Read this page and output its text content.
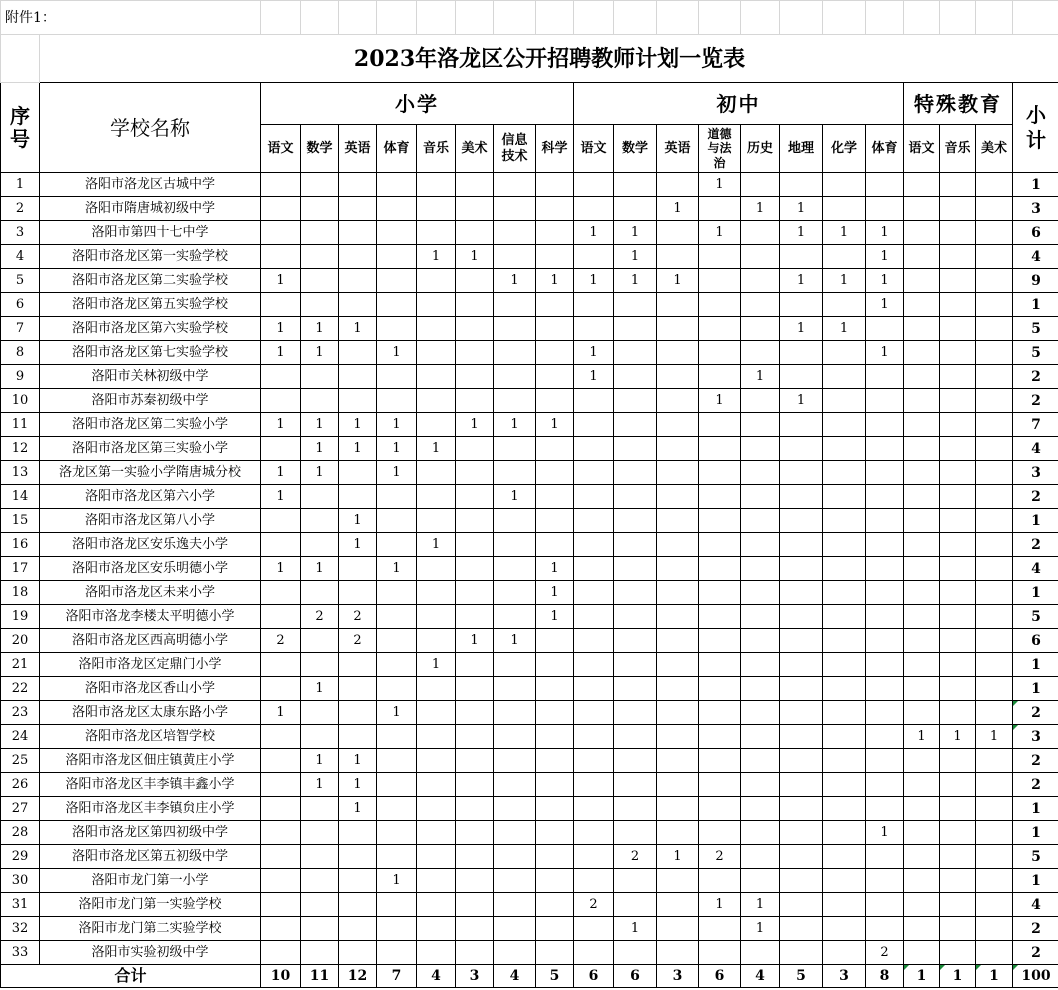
附件1：																					
	2023年洛龙区公开招聘教师计划一览表																				

序号	学校名称	小学								初中								特殊教育			小计

		语文	数学	英语	体育	音乐	美术	信息技术	科学	语文	数学	英语	道德与法治	历史	地理	化学	体育	语文	音乐	美术	
1	洛阳市洛龙区古城中学												1								1
2	洛阳市隋唐城初级中学											1		1	1						3
3	洛阳市第四十七中学									1	1		1		1	1	1				6
4	洛阳市洛龙区第一实验学校					1	1				1						1				4
5	洛阳市洛龙区第二实验学校	1						1	1	1	1	1			1	1	1				9
6	洛阳市洛龙区第五实验学校																1				1
7	洛阳市洛龙区第六实验学校	1	1	1											1	1					5
8	洛阳市洛龙区第七实验学校	1	1		1					1							1				5
9	洛阳市关林初级中学									1				1							2
10	洛阳市苏秦初级中学												1		1						2
11	洛阳市洛龙区第二实验小学	1	1	1	1		1	1	1												7
12	洛阳市洛龙区第三实验小学		1	1	1	1															4
13	洛龙区第一实验小学隋唐城分校	1	1		1																3
14	洛阳市洛龙区第六小学	1						1													2
15	洛阳市洛龙区第八小学			1																	1
16	洛阳市洛龙区安乐逸夫小学			1		1															2
17	洛阳市洛龙区安乐明德小学	1	1		1				1												4
18	洛阳市洛龙区未来小学								1												1
19	洛阳市洛龙李楼太平明德小学		2	2					1												5
20	洛阳市洛龙区西高明德小学	2		2			1	1													6
21	洛阳市洛龙区定鼎门小学					1															1
22	洛阳市洛龙区香山小学		1																		1
23	洛阳市洛龙区太康东路小学	1			1																2
24	洛阳市洛龙区培智学校																	1	1	1	3
25	洛阳市洛龙区佃庄镇黄庄小学		1	1																	2
26	洛阳市洛龙区丰李镇丰鑫小学		1	1																	2
27	洛阳市洛龙区丰李镇贠庄小学			1																	1
28	洛阳市洛龙区第四初级中学																1				1
29	洛阳市洛龙区第五初级中学										2	1	2								5
30	洛阳市龙门第一小学				1																1
31	洛阳市龙门第一实验学校									2			1	1							4
32	洛阳市龙门第二实验学校										1			1							2
33	洛阳市实验初级中学																2				2
合计		10	11	12	7	4	3	4	5	6	6	3	6	4	5	3	8	1	1	1	100
